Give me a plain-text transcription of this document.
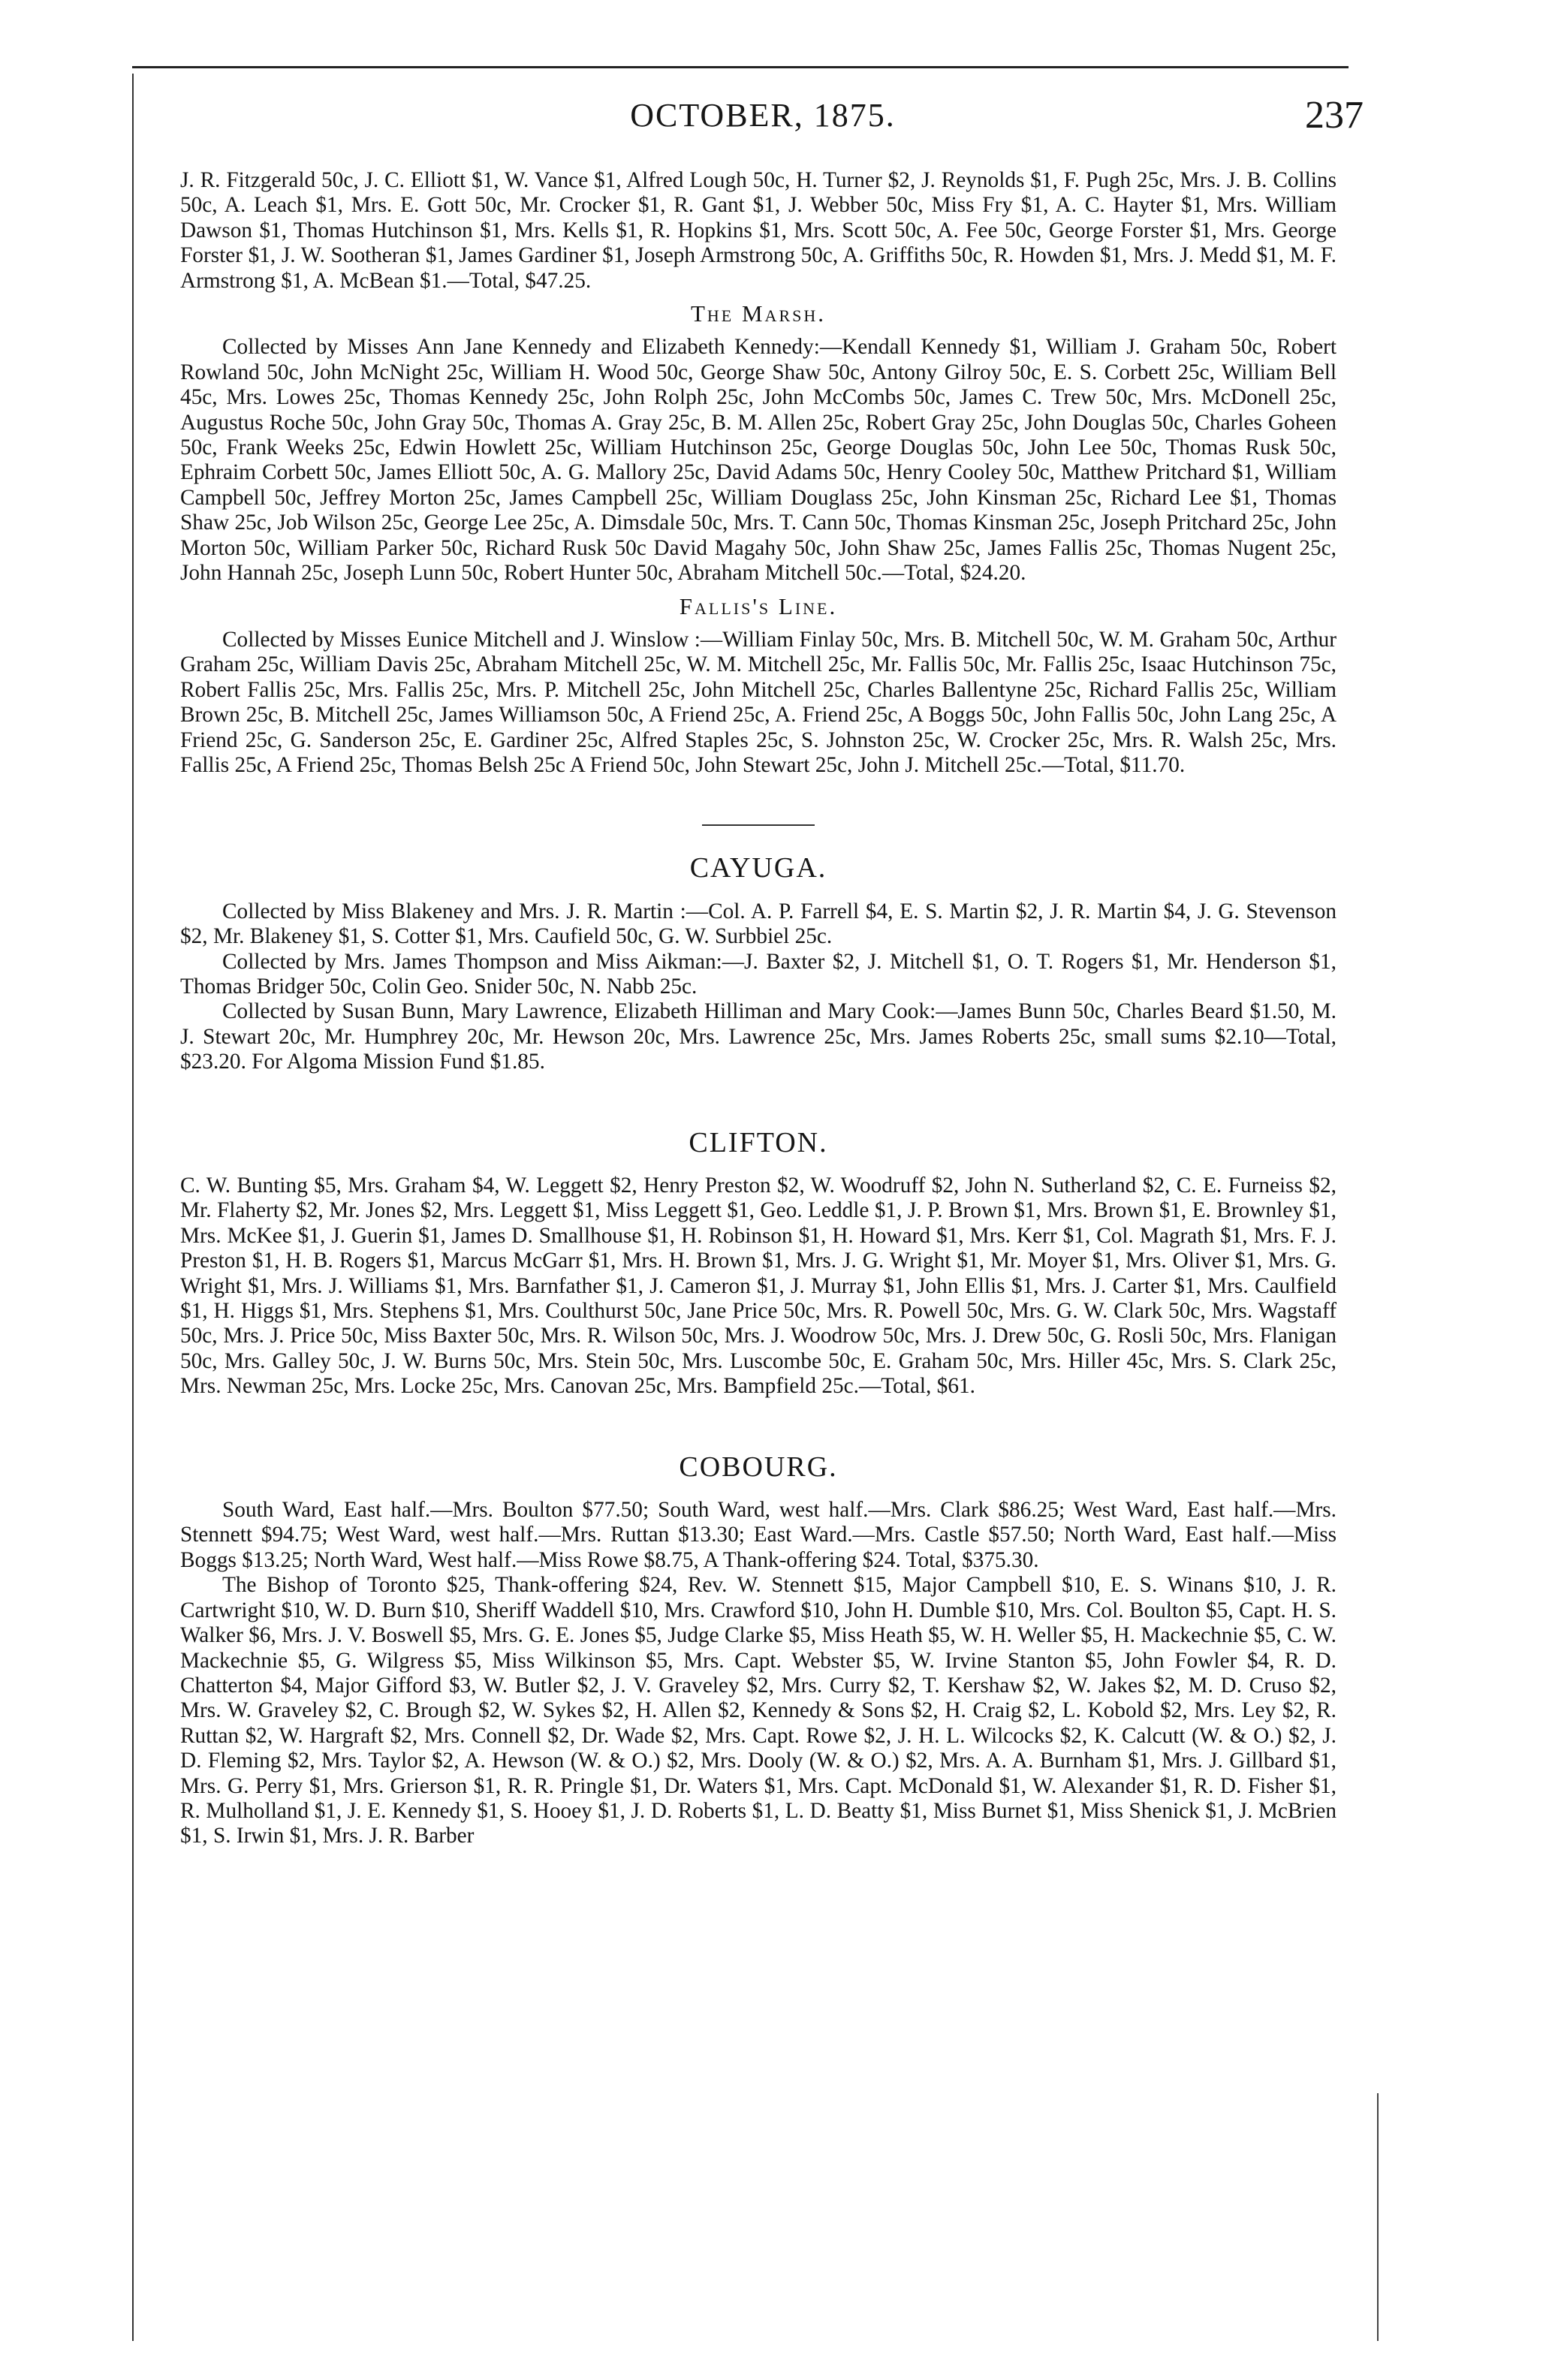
OCTOBER, 1875.	237

J. R. Fitzgerald 50c, J. C. Elliott $1, W. Vance $1, Alfred Lough 50c, H. Turner $2, J. Reynolds $1, F. Pugh 25c, Mrs. J. B. Collins 50c, A. Leach $1, Mrs. E. Gott 50c, Mr. Crocker $1, R. Gant $1, J. Webber 50c, Miss Fry $1, A. C. Hayter $1, Mrs. William Dawson $1, Thomas Hutchinson $1, Mrs. Kells $1, R. Hopkins $1, Mrs. Scott 50c, A. Fee 50c, George Forster $1, Mrs. George Forster $1, J. W. Sootheran $1, James Gardiner $1, Joseph Armstrong 50c, A. Griffiths 50c, R. Howden $1, Mrs. J. Medd $1, M. F. Armstrong $1, A. McBean $1.—Total, $47.25.

The Marsh.

Collected by Misses Ann Jane Kennedy and Elizabeth Kennedy:—Kendall Kennedy $1, William J. Graham 50c, Robert Rowland 50c, John McNight 25c, William H. Wood 50c, George Shaw 50c, Antony Gilroy 50c, E. S. Corbett 25c, William Bell 45c, Mrs. Lowes 25c, Thomas Kennedy 25c, John Rolph 25c, John McCombs 50c, James C. Trew 50c, Mrs. McDonell 25c, Augustus Roche 50c, John Gray 50c, Thomas A. Gray 25c, B. M. Allen 25c, Robert Gray 25c, John Douglas 50c, Charles Goheen 50c, Frank Weeks 25c, Edwin Howlett 25c, William Hutchinson 25c, George Douglas 50c, John Lee 50c, Thomas Rusk 50c, Ephraim Corbett 50c, James Elliott 50c, A. G. Mallory 25c, David Adams 50c, Henry Cooley 50c, Matthew Pritchard $1, William Campbell 50c, Jeffrey Morton 25c, James Campbell 25c, William Douglass 25c, John Kinsman 25c, Richard Lee $1, Thomas Shaw 25c, Job Wilson 25c, George Lee 25c, A. Dimsdale 50c, Mrs. T. Cann 50c, Thomas Kinsman 25c, Joseph Pritchard 25c, John Morton 50c, William Parker 50c, Richard Rusk 50c David Magahy 50c, John Shaw 25c, James Fallis 25c, Thomas Nugent 25c, John Hannah 25c, Joseph Lunn 50c, Robert Hunter 50c, Abraham Mitchell 50c.—Total, $24.20.

Fallis's Line.

Collected by Misses Eunice Mitchell and J. Winslow :—William Finlay 50c, Mrs. B. Mitchell 50c, W. M. Graham 50c, Arthur Graham 25c, William Davis 25c, Abraham Mitchell 25c, W. M. Mitchell 25c, Mr. Fallis 50c, Mr. Fallis 25c, Isaac Hutchinson 75c, Robert Fallis 25c, Mrs. Fallis 25c, Mrs. P. Mitchell 25c, John Mitchell 25c, Charles Ballentyne 25c, Richard Fallis 25c, William Brown 25c, B. Mitchell 25c, James Williamson 50c, A Friend 25c, A. Friend 25c, A Boggs 50c, John Fallis 50c, John Lang 25c, A Friend 25c, G. Sanderson 25c, E. Gardiner 25c, Alfred Staples 25c, S. Johnston 25c, W. Crocker 25c, Mrs. R. Walsh 25c, Mrs. Fallis 25c, A Friend 25c, Thomas Belsh 25c A Friend 50c, John Stewart 25c, John J. Mitchell 25c.—Total, $11.70.

CAYUGA.

Collected by Miss Blakeney and Mrs. J. R. Martin :—Col. A. P. Farrell $4, E. S. Martin $2, J. R. Martin $4, J. G. Stevenson $2, Mr. Blakeney $1, S. Cotter $1, Mrs. Caufield 50c, G. W. Surbbiel 25c.

Collected by Mrs. James Thompson and Miss Aikman:—J. Baxter $2, J. Mitchell $1, O. T. Rogers $1, Mr. Henderson $1, Thomas Bridger 50c, Colin Geo. Snider 50c, N. Nabb 25c.

Collected by Susan Bunn, Mary Lawrence, Elizabeth Hilliman and Mary Cook:—James Bunn 50c, Charles Beard $1.50, M. J. Stewart 20c, Mr. Humphrey 20c, Mr. Hewson 20c, Mrs. Lawrence 25c, Mrs. James Roberts 25c, small sums $2.10—Total, $23.20. For Algoma Mission Fund $1.85.

CLIFTON.

C. W. Bunting $5, Mrs. Graham $4, W. Leggett $2, Henry Preston $2, W. Woodruff $2, John N. Sutherland $2, C. E. Furneiss $2, Mr. Flaherty $2, Mr. Jones $2, Mrs. Leggett $1, Miss Leggett $1, Geo. Leddle $1, J. P. Brown $1, Mrs. Brown $1, E. Brownley $1, Mrs. McKee $1, J. Guerin $1, James D. Smallhouse $1, H. Robinson $1, H. Howard $1, Mrs. Kerr $1, Col. Magrath $1, Mrs. F. J. Preston $1, H. B. Rogers $1, Marcus McGarr $1, Mrs. H. Brown $1, Mrs. J. G. Wright $1, Mr. Moyer $1, Mrs. Oliver $1, Mrs. G. Wright $1, Mrs. J. Williams $1, Mrs. Barnfather $1, J. Cameron $1, J. Murray $1, John Ellis $1, Mrs. J. Carter $1, Mrs. Caulfield $1, H. Higgs $1, Mrs. Stephens $1, Mrs. Coulthurst 50c, Jane Price 50c, Mrs. R. Powell 50c, Mrs. G. W. Clark 50c, Mrs. Wagstaff 50c, Mrs. J. Price 50c, Miss Baxter 50c, Mrs. R. Wilson 50c, Mrs. J. Woodrow 50c, Mrs. J. Drew 50c, G. Rosli 50c, Mrs. Flanigan 50c, Mrs. Galley 50c, J. W. Burns 50c, Mrs. Stein 50c, Mrs. Luscombe 50c, E. Graham 50c, Mrs. Hiller 45c, Mrs. S. Clark 25c, Mrs. Newman 25c, Mrs. Locke 25c, Mrs. Canovan 25c, Mrs. Bampfield 25c.—Total, $61.

COBOURG.

South Ward, East half.—Mrs. Boulton $77.50; South Ward, west half.—Mrs. Clark $86.25; West Ward, East half.—Mrs. Stennett $94.75; West Ward, west half.—Mrs. Ruttan $13.30; East Ward.—Mrs. Castle $57.50; North Ward, East half.—Miss Boggs $13.25; North Ward, West half.—Miss Rowe $8.75, A Thank-offering $24. Total, $375.30.

The Bishop of Toronto $25, Thank-offering $24, Rev. W. Stennett $15, Major Campbell $10, E. S. Winans $10, J. R. Cartwright $10, W. D. Burn $10, Sheriff Waddell $10, Mrs. Crawford $10, John H. Dumble $10, Mrs. Col. Boulton $5, Capt. H. S. Walker $6, Mrs. J. V. Boswell $5, Mrs. G. E. Jones $5, Judge Clarke $5, Miss Heath $5, W. H. Weller $5, H. Mackechnie $5, C. W. Mackechnie $5, G. Wilgress $5, Miss Wilkinson $5, Mrs. Capt. Webster $5, W. Irvine Stanton $5, John Fowler $4, R. D. Chatterton $4, Major Gifford $3, W. Butler $2, J. V. Graveley $2, Mrs. Curry $2, T. Kershaw $2, W. Jakes $2, M. D. Cruso $2, Mrs. W. Graveley $2, C. Brough $2, W. Sykes $2, H. Allen $2, Kennedy & Sons $2, H. Craig $2, L. Kobold $2, Mrs. Ley $2, R. Ruttan $2, W. Hargraft $2, Mrs. Connell $2, Dr. Wade $2, Mrs. Capt. Rowe $2, J. H. L. Wilcocks $2, K. Calcutt (W. & O.) $2, J. D. Fleming $2, Mrs. Taylor $2, A. Hewson (W. & O.) $2, Mrs. Dooly (W. & O.) $2, Mrs. A. A. Burnham $1, Mrs. J. Gillbard $1, Mrs. G. Perry $1, Mrs. Grierson $1, R. R. Pringle $1, Dr. Waters $1, Mrs. Capt. McDonald $1, W. Alexander $1, R. D. Fisher $1, R. Mulholland $1, J. E. Kennedy $1, S. Hooey $1, J. D. Roberts $1, L. D. Beatty $1, Miss Burnet $1, Miss Shenick $1, J. McBrien $1, S. Irwin $1, Mrs. J. R. Barber
